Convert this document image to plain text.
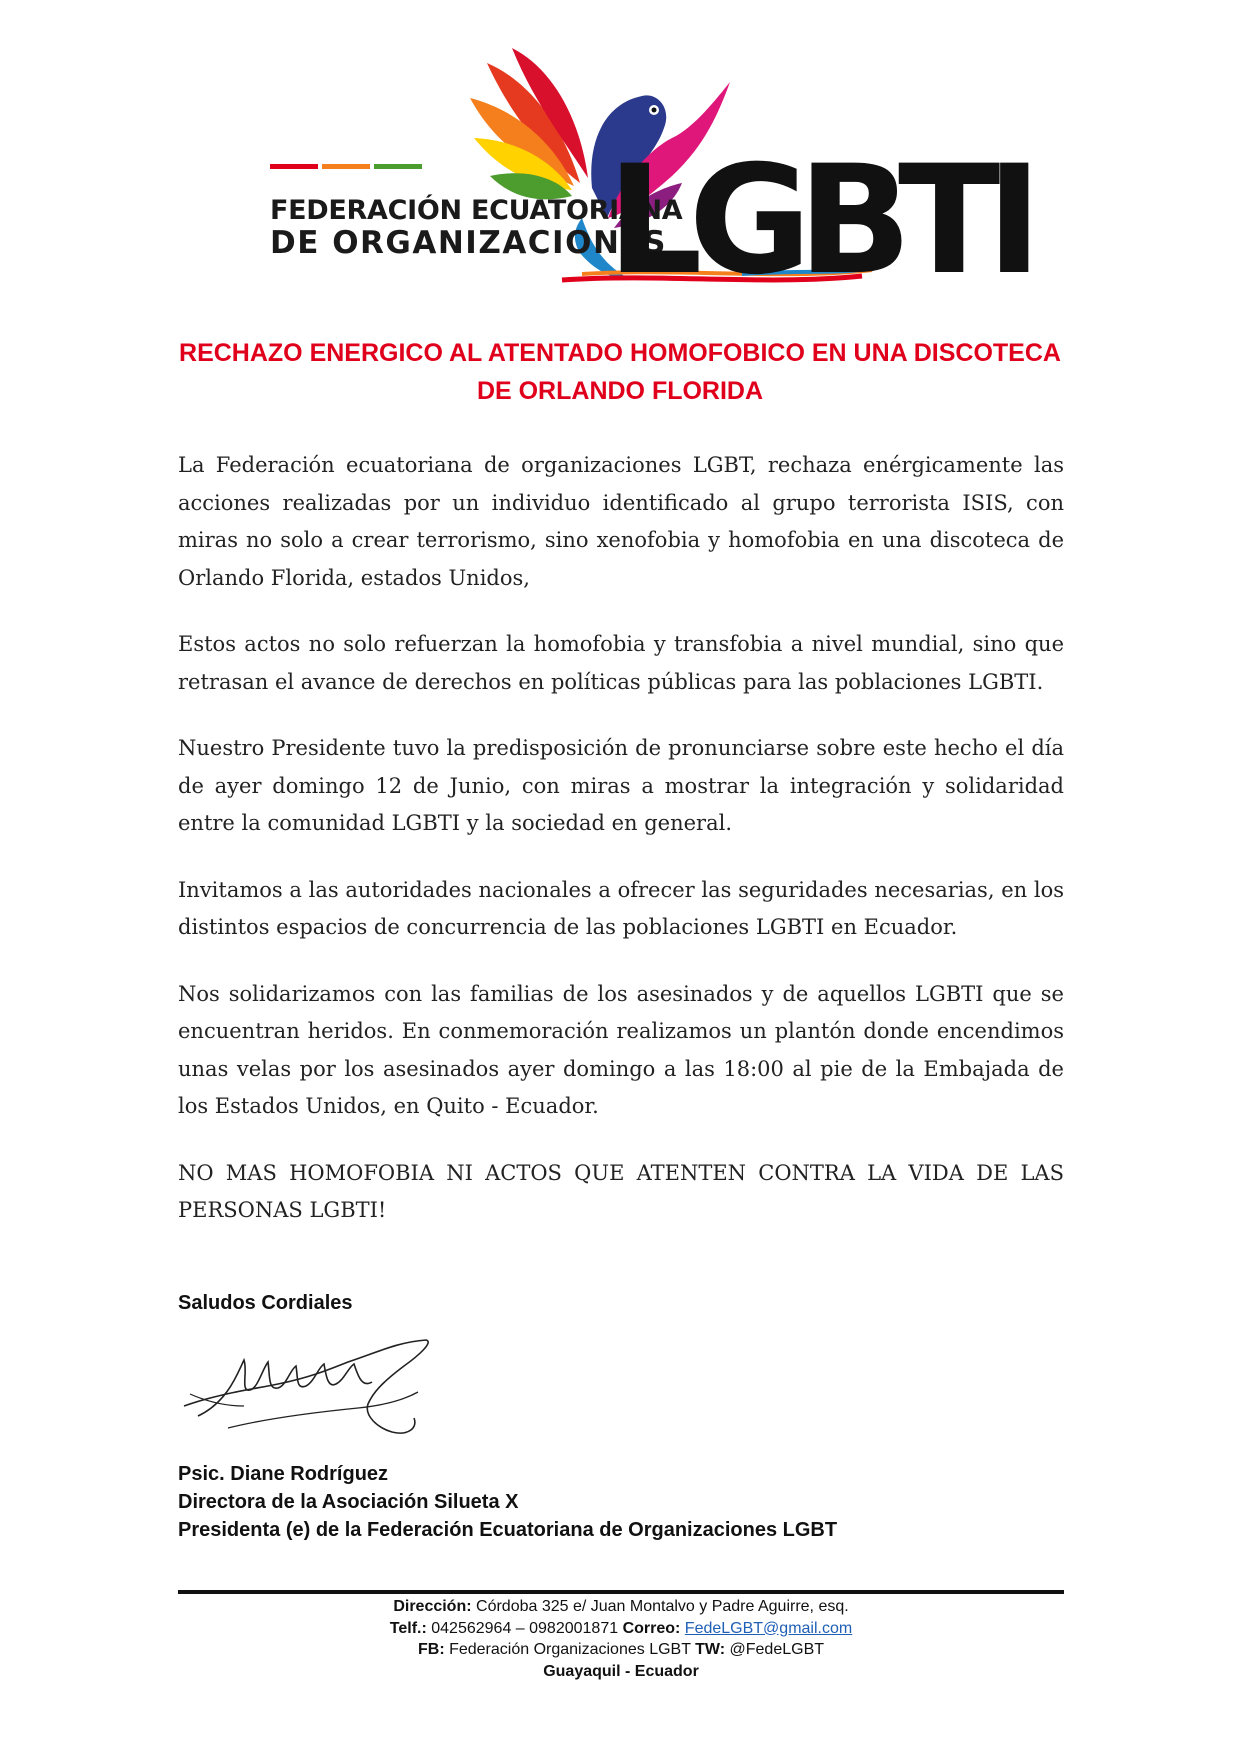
FEDERACIÓN ECUATORIANA
DE ORGANIZACIONES
LGBTI
RECHAZO ENERGICO AL ATENTADO HOMOFOBICO EN UNA DISCOTECA
DE ORLANDO FLORIDA

La Federación ecuatoriana de organizaciones LGBT, rechaza enérgicamente las acciones realizadas por un individuo identificado al grupo terrorista ISIS, con miras no solo a crear terrorismo, sino xenofobia y homofobia en una discoteca de Orlando Florida, estados Unidos,

Estos actos no solo refuerzan la homofobia y transfobia a nivel mundial, sino que retrasan el avance de derechos en políticas públicas para las poblaciones LGBTI.

Nuestro Presidente tuvo la predisposición de pronunciarse sobre este hecho el día de ayer domingo 12 de Junio, con miras a mostrar la integración y solidaridad entre la comunidad LGBTI y la sociedad en general.

Invitamos a las autoridades nacionales a ofrecer las seguridades necesarias, en los distintos espacios de concurrencia de las poblaciones LGBTI en Ecuador.

Nos solidarizamos con las familias de los asesinados y de aquellos LGBTI que se encuentran heridos. En conmemoración realizamos un plantón donde encendimos unas velas por los asesinados ayer domingo a las 18:00 al pie de la Embajada de los Estados Unidos, en Quito - Ecuador.

NO MAS HOMOFOBIA NI ACTOS QUE ATENTEN CONTRA LA VIDA DE LAS PERSONAS LGBTI!

Saludos Cordiales
Psic. Diane Rodríguez
Directora de la Asociación Silueta X
Presidenta (e) de la Federación Ecuatoriana de Organizaciones LGBT
Dirección: Córdoba 325 e/ Juan Montalvo y Padre Aguirre, esq.
Telf.: 042562964 – 0982001871 Correo: FedeLGBT@gmail.com
FB: Federación Organizaciones LGBT TW: @FedeLGBT
Guayaquil - Ecuador
